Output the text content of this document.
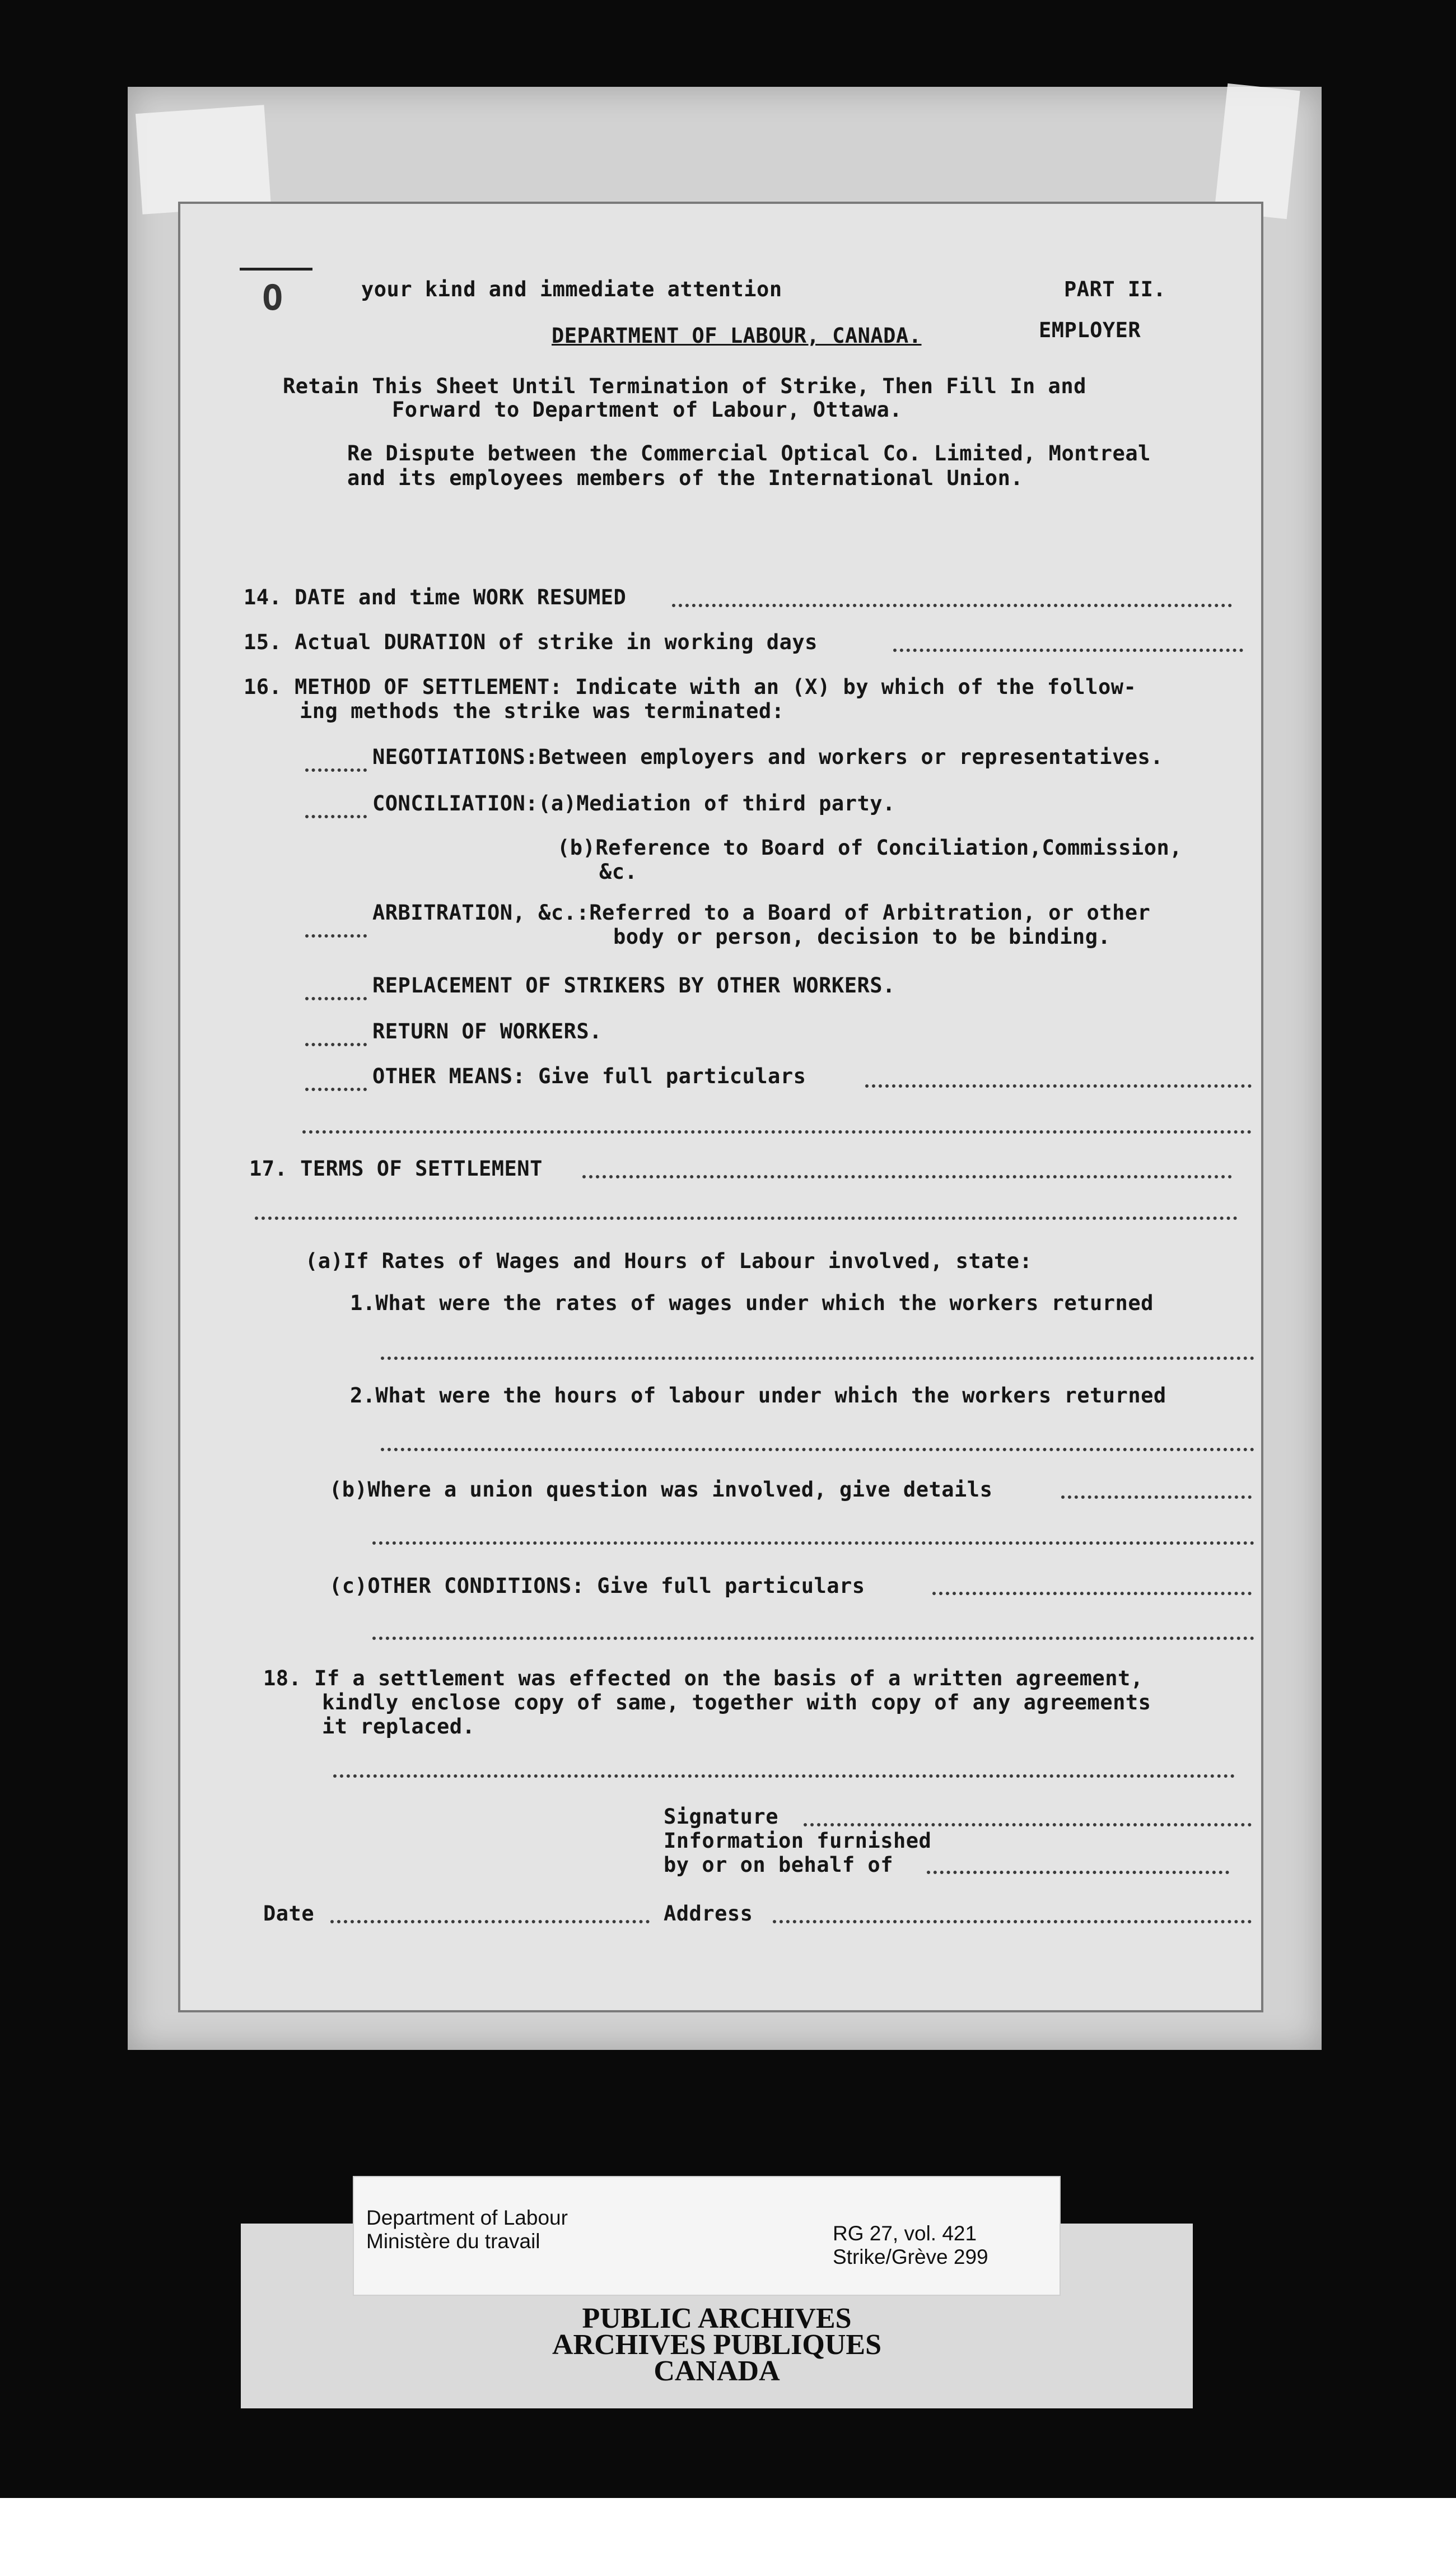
O	your kind and immediate attention	PART II.
DEPARTMENT OF LABOUR, CANADA.	EMPLOYER
Retain This Sheet Until Termination of Strike, Then Fill In and
Forward to Department of Labour, Ottawa.
Re Dispute between the Commercial Optical Co. Limited, Montreal
and its employees members of the International Union.
14. DATE and time WORK RESUMED
15. Actual DURATION of strike in working days
16. METHOD OF SETTLEMENT: Indicate with an (X) by which of the follow-
ing methods the strike was terminated:
NEGOTIATIONS:Between employers and workers or representatives.
CONCILIATION:(a)Mediation of third party.
(b)Reference to Board of Conciliation,Commission,
&c.
ARBITRATION, &c.:Referred to a Board of Arbitration, or other
body or person, decision to be binding.
REPLACEMENT OF STRIKERS BY OTHER WORKERS.
RETURN OF WORKERS.
OTHER MEANS: Give full particulars
17. TERMS OF SETTLEMENT
(a)If Rates of Wages and Hours of Labour involved, state:
1.What were the rates of wages under which the workers returned
2.What were the hours of labour under which the workers returned
(b)Where a union question was involved, give details
(c)OTHER CONDITIONS: Give full particulars
18. If a settlement was effected on the basis of a written agreement,
kindly enclose copy of same, together with copy of any agreements
it replaced.
Signature
Information furnished
by or on behalf of
Date	Address
PUBLIC ARCHIVES
ARCHIVES PUBLIQUES
CANADA
Department of Labour
Ministère du travail	RG 27, vol. 421
Strike/Grève 299
